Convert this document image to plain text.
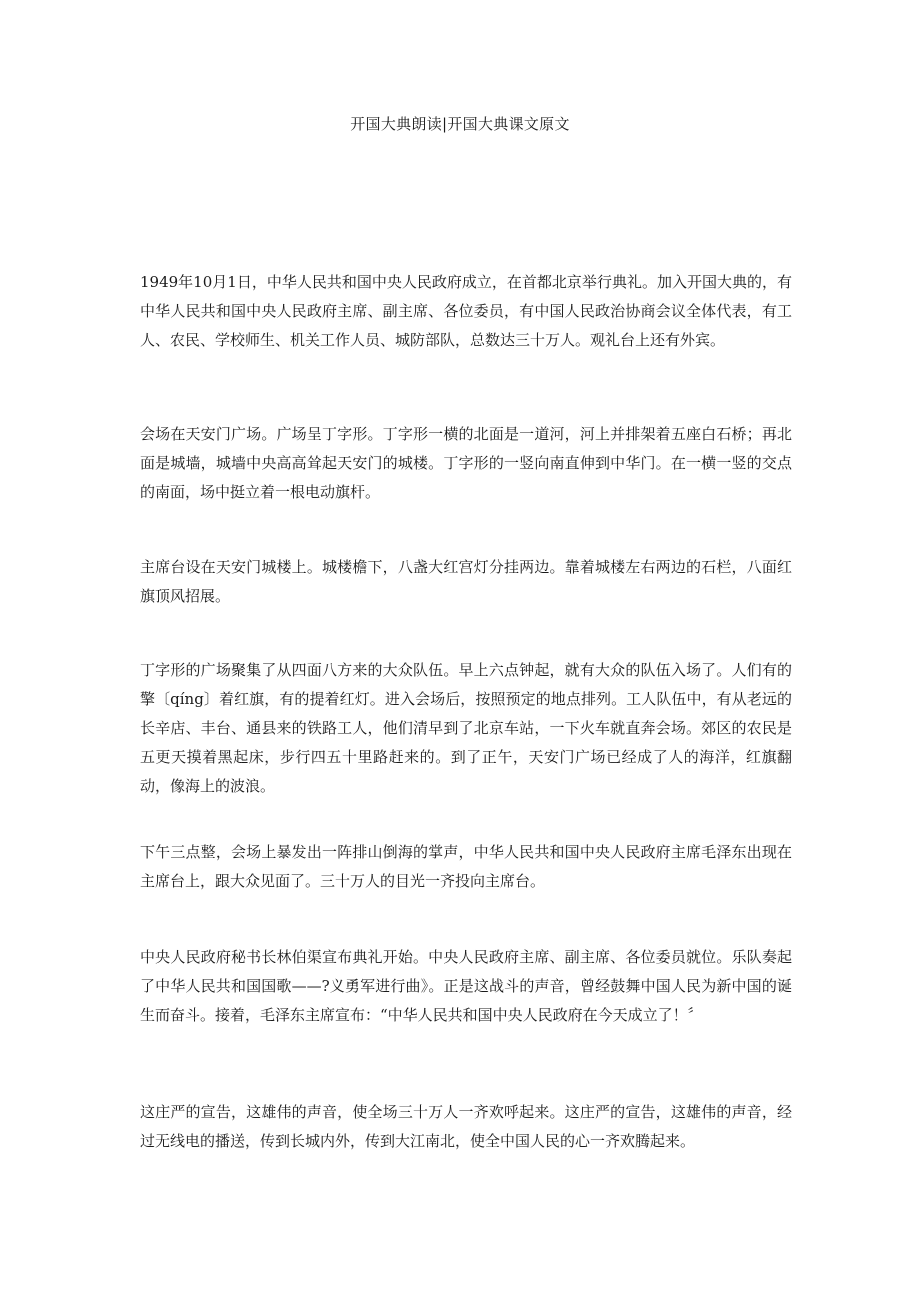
开国大典朗读|开国大典课文原文

1949年10月1日，中华人民共和国中央人民政府成立，在首都北京举行典礼。加入开国大典的，有中华人民共和国中央人民政府主席、副主席、各位委员，有中国人民政治协商会议全体代表，有工人、农民、学校师生、机关工作人员、城防部队，总数达三十万人。观礼台上还有外宾。

会场在天安门广场。广场呈丁字形。丁字形一横的北面是一道河，河上并排架着五座白石桥；再北面是城墙，城墙中央高高耸起天安门的城楼。丁字形的一竖向南直伸到中华门。在一横一竖的交点的南面，场中挺立着一根电动旗杆。

主席台设在天安门城楼上。城楼檐下，八盏大红宫灯分挂两边。靠着城楼左右两边的石栏，八面红旗顶风招展。

丁字形的广场聚集了从四面八方来的大众队伍。早上六点钟起，就有大众的队伍入场了。人们有的擎〔qíng〕着红旗，有的提着红灯。进入会场后，按照预定的地点排列。工人队伍中，有从老远的长辛店、丰台、通县来的铁路工人，他们清早到了北京车站，一下火车就直奔会场。郊区的农民是五更天摸着黑起床，步行四五十里路赶来的。到了正午，天安门广场已经成了人的海洋，红旗翻动，像海上的波浪。

下午三点整，会场上暴发出一阵排山倒海的掌声，中华人民共和国中央人民政府主席毛泽东出现在主席台上，跟大众见面了。三十万人的目光一齐投向主席台。

中央人民政府秘书长林伯渠宣布典礼开始。中央人民政府主席、副主席、各位委员就位。乐队奏起了中华人民共和国国歌——?义勇军进行曲》。正是这战斗的声音，曾经鼓舞中国人民为新中国的诞生而奋斗。接着，毛泽东主席宣布：“中华人民共和国中央人民政府在今天成立了！〞

这庄严的宣告，这雄伟的声音，使全场三十万人一齐欢呼起来。这庄严的宣告，这雄伟的声音，经过无线电的播送，传到长城内外，传到大江南北，使全中国人民的心一齐欢腾起来。
